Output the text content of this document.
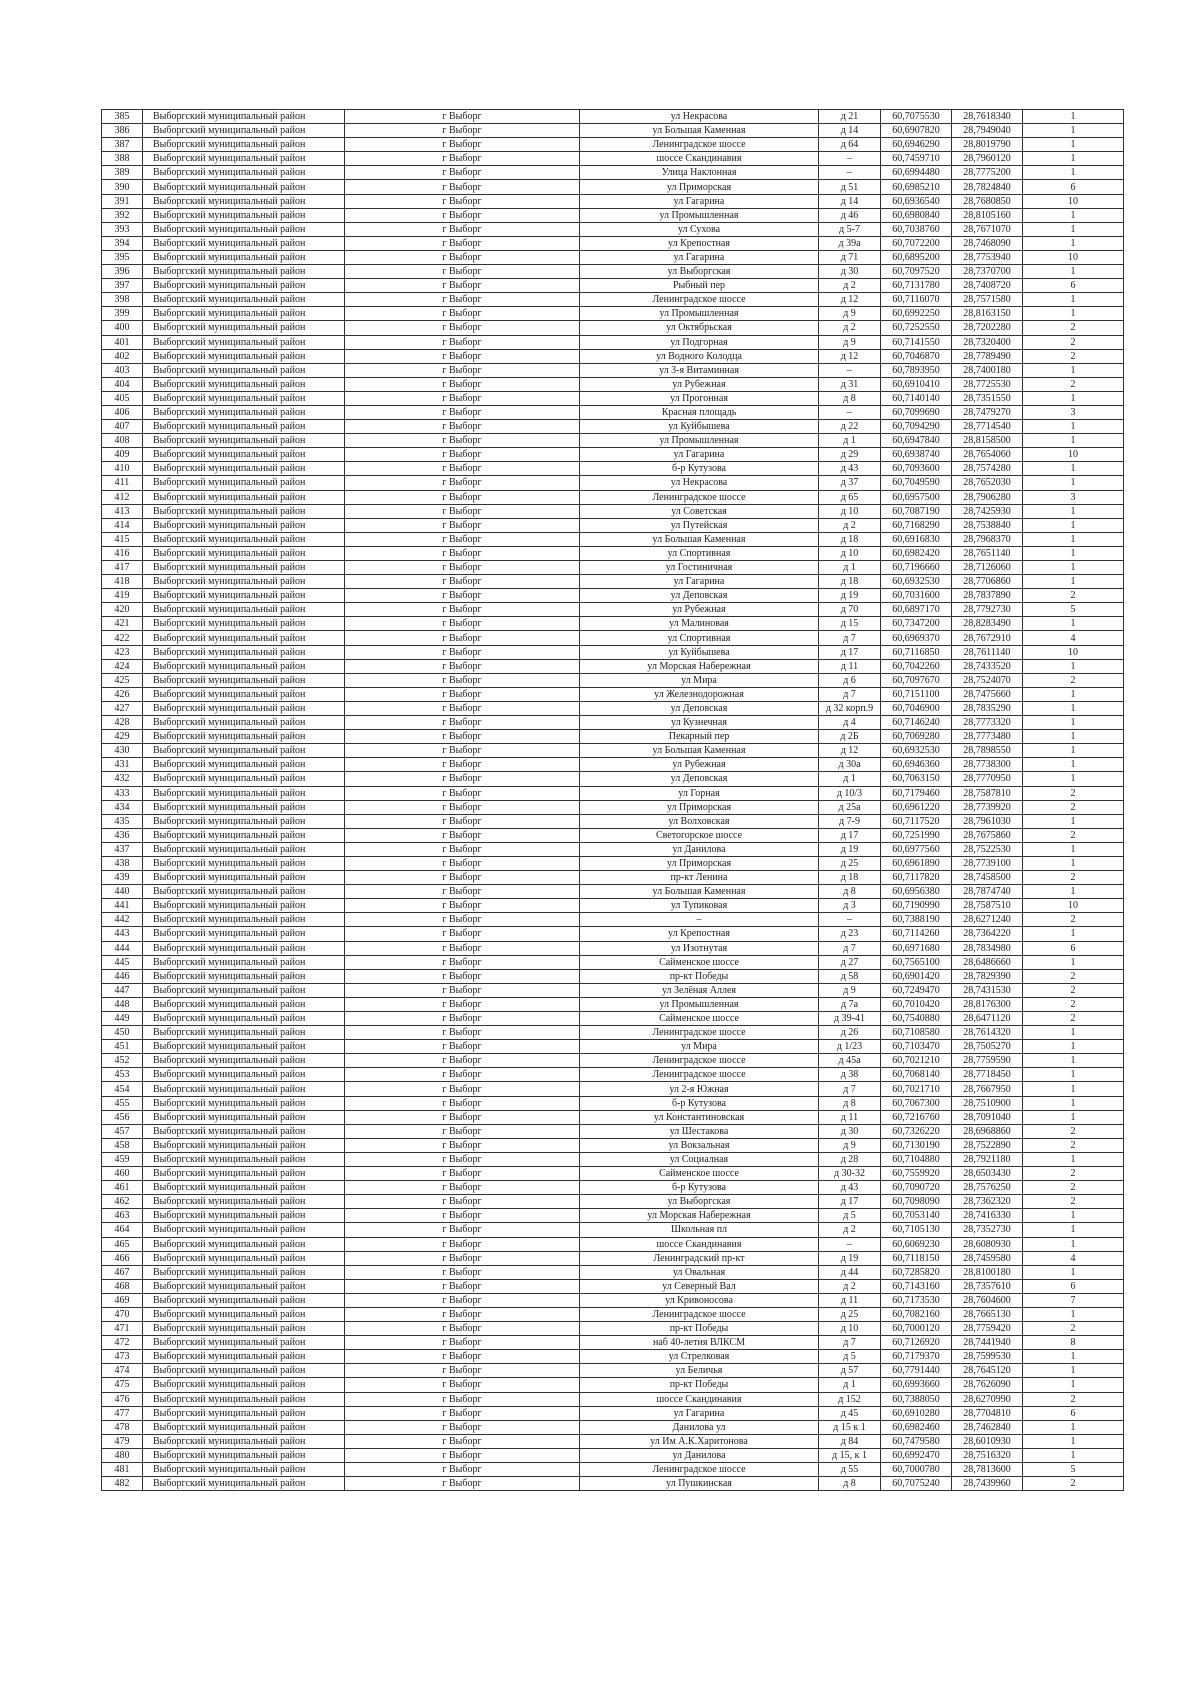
385	Выборгский муниципальный район	г Выборг	ул Некрасова	д 21	60,7075530	28,7618340	1
386	Выборгский муниципальный район	г Выборг	ул Большая Каменная	д 14	60,6907820	28,7949040	1
387	Выборгский муниципальный район	г Выборг	Ленинградское шоссе	д 64	60,6946290	28,8019790	1
388	Выборгский муниципальный район	г Выборг	шоссе Скандинавия	–	60,7459710	28,7960120	1
389	Выборгский муниципальный район	г Выборг	Улица Наклонная	–	60,6994480	28,7775200	1
390	Выборгский муниципальный район	г Выборг	ул Приморская	д 51	60,6985210	28,7824840	6
391	Выборгский муниципальный район	г Выборг	ул Гагарина	д 14	60,6936540	28,7680850	10
392	Выборгский муниципальный район	г Выборг	ул Промышленная	д 46	60,6980840	28,8105160	1
393	Выборгский муниципальный район	г Выборг	ул Сухова	д 5-7	60,7038760	28,7671070	1
394	Выборгский муниципальный район	г Выборг	ул Крепостная	д 39а	60,7072200	28,7468090	1
395	Выборгский муниципальный район	г Выборг	ул Гагарина	д 71	60,6895200	28,7753940	10
396	Выборгский муниципальный район	г Выборг	ул Выборгская	д 30	60,7097520	28,7370700	1
397	Выборгский муниципальный район	г Выборг	Рыбный пер	д 2	60,7131780	28,7408720	6
398	Выборгский муниципальный район	г Выборг	Ленинградское шоссе	д 12	60,7116070	28,7571580	1
399	Выборгский муниципальный район	г Выборг	ул Промышленная	д 9	60,6992250	28,8163150	1
400	Выборгский муниципальный район	г Выборг	ул Октябрьская	д 2	60,7252550	28,7202280	2
401	Выборгский муниципальный район	г Выборг	ул Подгорная	д 9	60,7141550	28,7320400	2
402	Выборгский муниципальный район	г Выборг	ул Водного Колодца	д 12	60,7046870	28,7789490	2
403	Выборгский муниципальный район	г Выборг	ул 3-я Витаминная	–	60,7893950	28,7400180	1
404	Выборгский муниципальный район	г Выборг	ул Рубежная	д 31	60,6910410	28,7725530	2
405	Выборгский муниципальный район	г Выборг	ул Прогонная	д 8	60,7140140	28,7351550	1
406	Выборгский муниципальный район	г Выборг	Красная площадь	–	60,7099690	28,7479270	3
407	Выборгский муниципальный район	г Выборг	ул Куйбышева	д 22	60,7094290	28,7714540	1
408	Выборгский муниципальный район	г Выборг	ул Промышленная	д 1	60,6947840	28,8158500	1
409	Выборгский муниципальный район	г Выборг	ул Гагарина	д 29	60,6938740	28,7654060	10
410	Выборгский муниципальный район	г Выборг	б-р Кутузова	д 43	60,7093600	28,7574280	1
411	Выборгский муниципальный район	г Выборг	ул Некрасова	д 37	60,7049590	28,7652030	1
412	Выборгский муниципальный район	г Выборг	Ленинградское шоссе	д 65	60,6957500	28,7906280	3
413	Выборгский муниципальный район	г Выборг	ул Советская	д 10	60,7087190	28,7425930	1
414	Выборгский муниципальный район	г Выборг	ул Путейская	д 2	60,7168290	28,7538840	1
415	Выборгский муниципальный район	г Выборг	ул Большая Каменная	д 18	60,6916830	28,7968370	1
416	Выборгский муниципальный район	г Выборг	ул Спортивная	д 10	60,6982420	28,7651140	1
417	Выборгский муниципальный район	г Выборг	ул Гостиничная	д 1	60,7196660	28,7126060	1
418	Выборгский муниципальный район	г Выборг	ул Гагарина	д 18	60,6932530	28,7706860	1
419	Выборгский муниципальный район	г Выборг	ул Деповская	д 19	60,7031600	28,7837890	2
420	Выборгский муниципальный район	г Выборг	ул Рубежная	д 70	60,6897170	28,7792730	5
421	Выборгский муниципальный район	г Выборг	ул Малиновая	д 15	60,7347200	28,8283490	1
422	Выборгский муниципальный район	г Выборг	ул Спортивная	д 7	60,6969370	28,7672910	4
423	Выборгский муниципальный район	г Выборг	ул Куйбышева	д 17	60,7116850	28,7611140	10
424	Выборгский муниципальный район	г Выборг	ул Морская Набережная	д 11	60,7042260	28,7433520	1
425	Выборгский муниципальный район	г Выборг	ул Мира	д 6	60,7097670	28,7524070	2
426	Выборгский муниципальный район	г Выборг	ул Железнодорожная	д 7	60,7151100	28,7475660	1
427	Выборгский муниципальный район	г Выборг	ул Деповская	д 32 корп.9	60,7046900	28,7835290	1
428	Выборгский муниципальный район	г Выборг	ул Кузнечная	д 4	60,7146240	28,7773320	1
429	Выборгский муниципальный район	г Выборг	Пекарный пер	д 2Б	60,7069280	28,7773480	1
430	Выборгский муниципальный район	г Выборг	ул Большая Каменная	д 12	60,6932530	28,7898550	1
431	Выборгский муниципальный район	г Выборг	ул Рубежная	д 30а	60,6946360	28,7738300	1
432	Выборгский муниципальный район	г Выборг	ул Деповская	д 1	60,7063150	28,7770950	1
433	Выборгский муниципальный район	г Выборг	ул Горная	д 10/3	60,7179460	28,7587810	2
434	Выборгский муниципальный район	г Выборг	ул Приморская	д 25а	60,6961220	28,7739920	2
435	Выборгский муниципальный район	г Выборг	ул Волховская	д 7-9	60,7117520	28,7961030	1
436	Выборгский муниципальный район	г Выборг	Светогорское шоссе	д 17	60,7251990	28,7675860	2
437	Выборгский муниципальный район	г Выборг	ул Данилова	д 19	60,6977560	28,7522530	1
438	Выборгский муниципальный район	г Выборг	ул Приморская	д 25	60,6961890	28,7739100	1
439	Выборгский муниципальный район	г Выборг	пр-кт Ленина	д 18	60,7117820	28,7458500	2
440	Выборгский муниципальный район	г Выборг	ул Большая Каменная	д 8	60,6956380	28,7874740	1
441	Выборгский муниципальный район	г Выборг	ул Тупиковая	д 3	60,7190990	28,7587510	10
442	Выборгский муниципальный район	г Выборг	–	–	60,7388190	28,6271240	2
443	Выборгский муниципальный район	г Выборг	ул Крепостная	д 23	60,7114260	28,7364220	1
444	Выборгский муниципальный район	г Выборг	ул Изотнутая	д 7	60,6971680	28,7834980	6
445	Выборгский муниципальный район	г Выборг	Сайменское шоссе	д 27	60,7565100	28,6486660	1
446	Выборгский муниципальный район	г Выборг	пр-кт Победы	д 58	60,6901420	28,7829390	2
447	Выборгский муниципальный район	г Выборг	ул Зелёная Аллея	д 9	60,7249470	28,7431530	2
448	Выборгский муниципальный район	г Выборг	ул Промышленная	д 7а	60,7010420	28,8176300	2
449	Выборгский муниципальный район	г Выборг	Сайменское шоссе	д 39-41	60,7540880	28,6471120	2
450	Выборгский муниципальный район	г Выборг	Ленинградское шоссе	д 26	60,7108580	28,7614320	1
451	Выборгский муниципальный район	г Выборг	ул Мира	д 1/23	60,7103470	28,7505270	1
452	Выборгский муниципальный район	г Выборг	Ленинградское шоссе	д 45а	60,7021210	28,7759590	1
453	Выборгский муниципальный район	г Выборг	Ленинградское шоссе	д 38	60,7068140	28,7718450	1
454	Выборгский муниципальный район	г Выборг	ул 2-я Южная	д 7	60,7021710	28,7667950	1
455	Выборгский муниципальный район	г Выборг	б-р Кутузова	д 8	60,7067300	28,7510900	1
456	Выборгский муниципальный район	г Выборг	ул Константиновская	д 11	60,7216760	28,7091040	1
457	Выборгский муниципальный район	г Выборг	ул Шестакова	д 30	60,7326220	28,6968860	2
458	Выборгский муниципальный район	г Выборг	ул Вокзальная	д 9	60,7130190	28,7522890	2
459	Выборгский муниципальный район	г Выборг	ул Социалная	д 28	60,7104880	28,7921180	1
460	Выборгский муниципальный район	г Выборг	Сайменское шоссе	д 30-32	60,7559920	28,6503430	2
461	Выборгский муниципальный район	г Выборг	б-р Кутузова	д 43	60,7090720	28,7576250	2
462	Выборгский муниципальный район	г Выборг	ул Выборгская	д 17	60,7098090	28,7362320	2
463	Выборгский муниципальный район	г Выборг	ул Морская Набережная	д 5	60,7053140	28,7416330	1
464	Выборгский муниципальный район	г Выборг	Школьная пл	д 2	60,7105130	28,7352730	1
465	Выборгский муниципальный район	г Выборг	шоссе Скандинавия	–	60,6069230	28,6080930	1
466	Выборгский муниципальный район	г Выборг	Ленинградский пр-кт	д 19	60,7118150	28,7459580	4
467	Выборгский муниципальный район	г Выборг	ул Овальная	д 44	60,7285820	28,8100180	1
468	Выборгский муниципальный район	г Выборг	ул Северный Вал	д 2	60,7143160	28,7357610	6
469	Выборгский муниципальный район	г Выборг	ул Кривоносова	д 11	60,7173530	28,7604600	7
470	Выборгский муниципальный район	г Выборг	Ленинградское шоссе	д 25	60,7082160	28,7665130	1
471	Выборгский муниципальный район	г Выборг	пр-кт Победы	д 10	60,7000120	28,7759420	2
472	Выборгский муниципальный район	г Выборг	наб 40-летия ВЛКСМ	д 7	60,7126920	28,7441940	8
473	Выборгский муниципальный район	г Выборг	ул Стрелковая	д 5	60,7179370	28,7599530	1
474	Выборгский муниципальный район	г Выборг	ул Беличья	д 57	60,7791440	28,7645120	1
475	Выборгский муниципальный район	г Выборг	пр-кт Победы	д 1	60,6993660	28,7626090	1
476	Выборгский муниципальный район	г Выборг	шоссе Скандинавия	д 152	60,7388050	28,6270990	2
477	Выборгский муниципальный район	г Выборг	ул Гагарина	д 45	60,6910280	28,7704810	6
478	Выборгский муниципальный район	г Выборг	Данилова ул	д 15 к 1	60,6982460	28,7462840	1
479	Выборгский муниципальный район	г Выборг	ул Им А.К.Харитонова	д 84	60,7479580	28,6010930	1
480	Выборгский муниципальный район	г Выборг	ул Данилова	д 15, к 1	60,6992470	28,7516320	1
481	Выборгский муниципальный район	г Выборг	Ленинградское шоссе	д 55	60,7000780	28,7813600	5
482	Выборгский муниципальный район	г Выборг	ул Пушкинская	д 8	60,7075240	28,7439960	2
